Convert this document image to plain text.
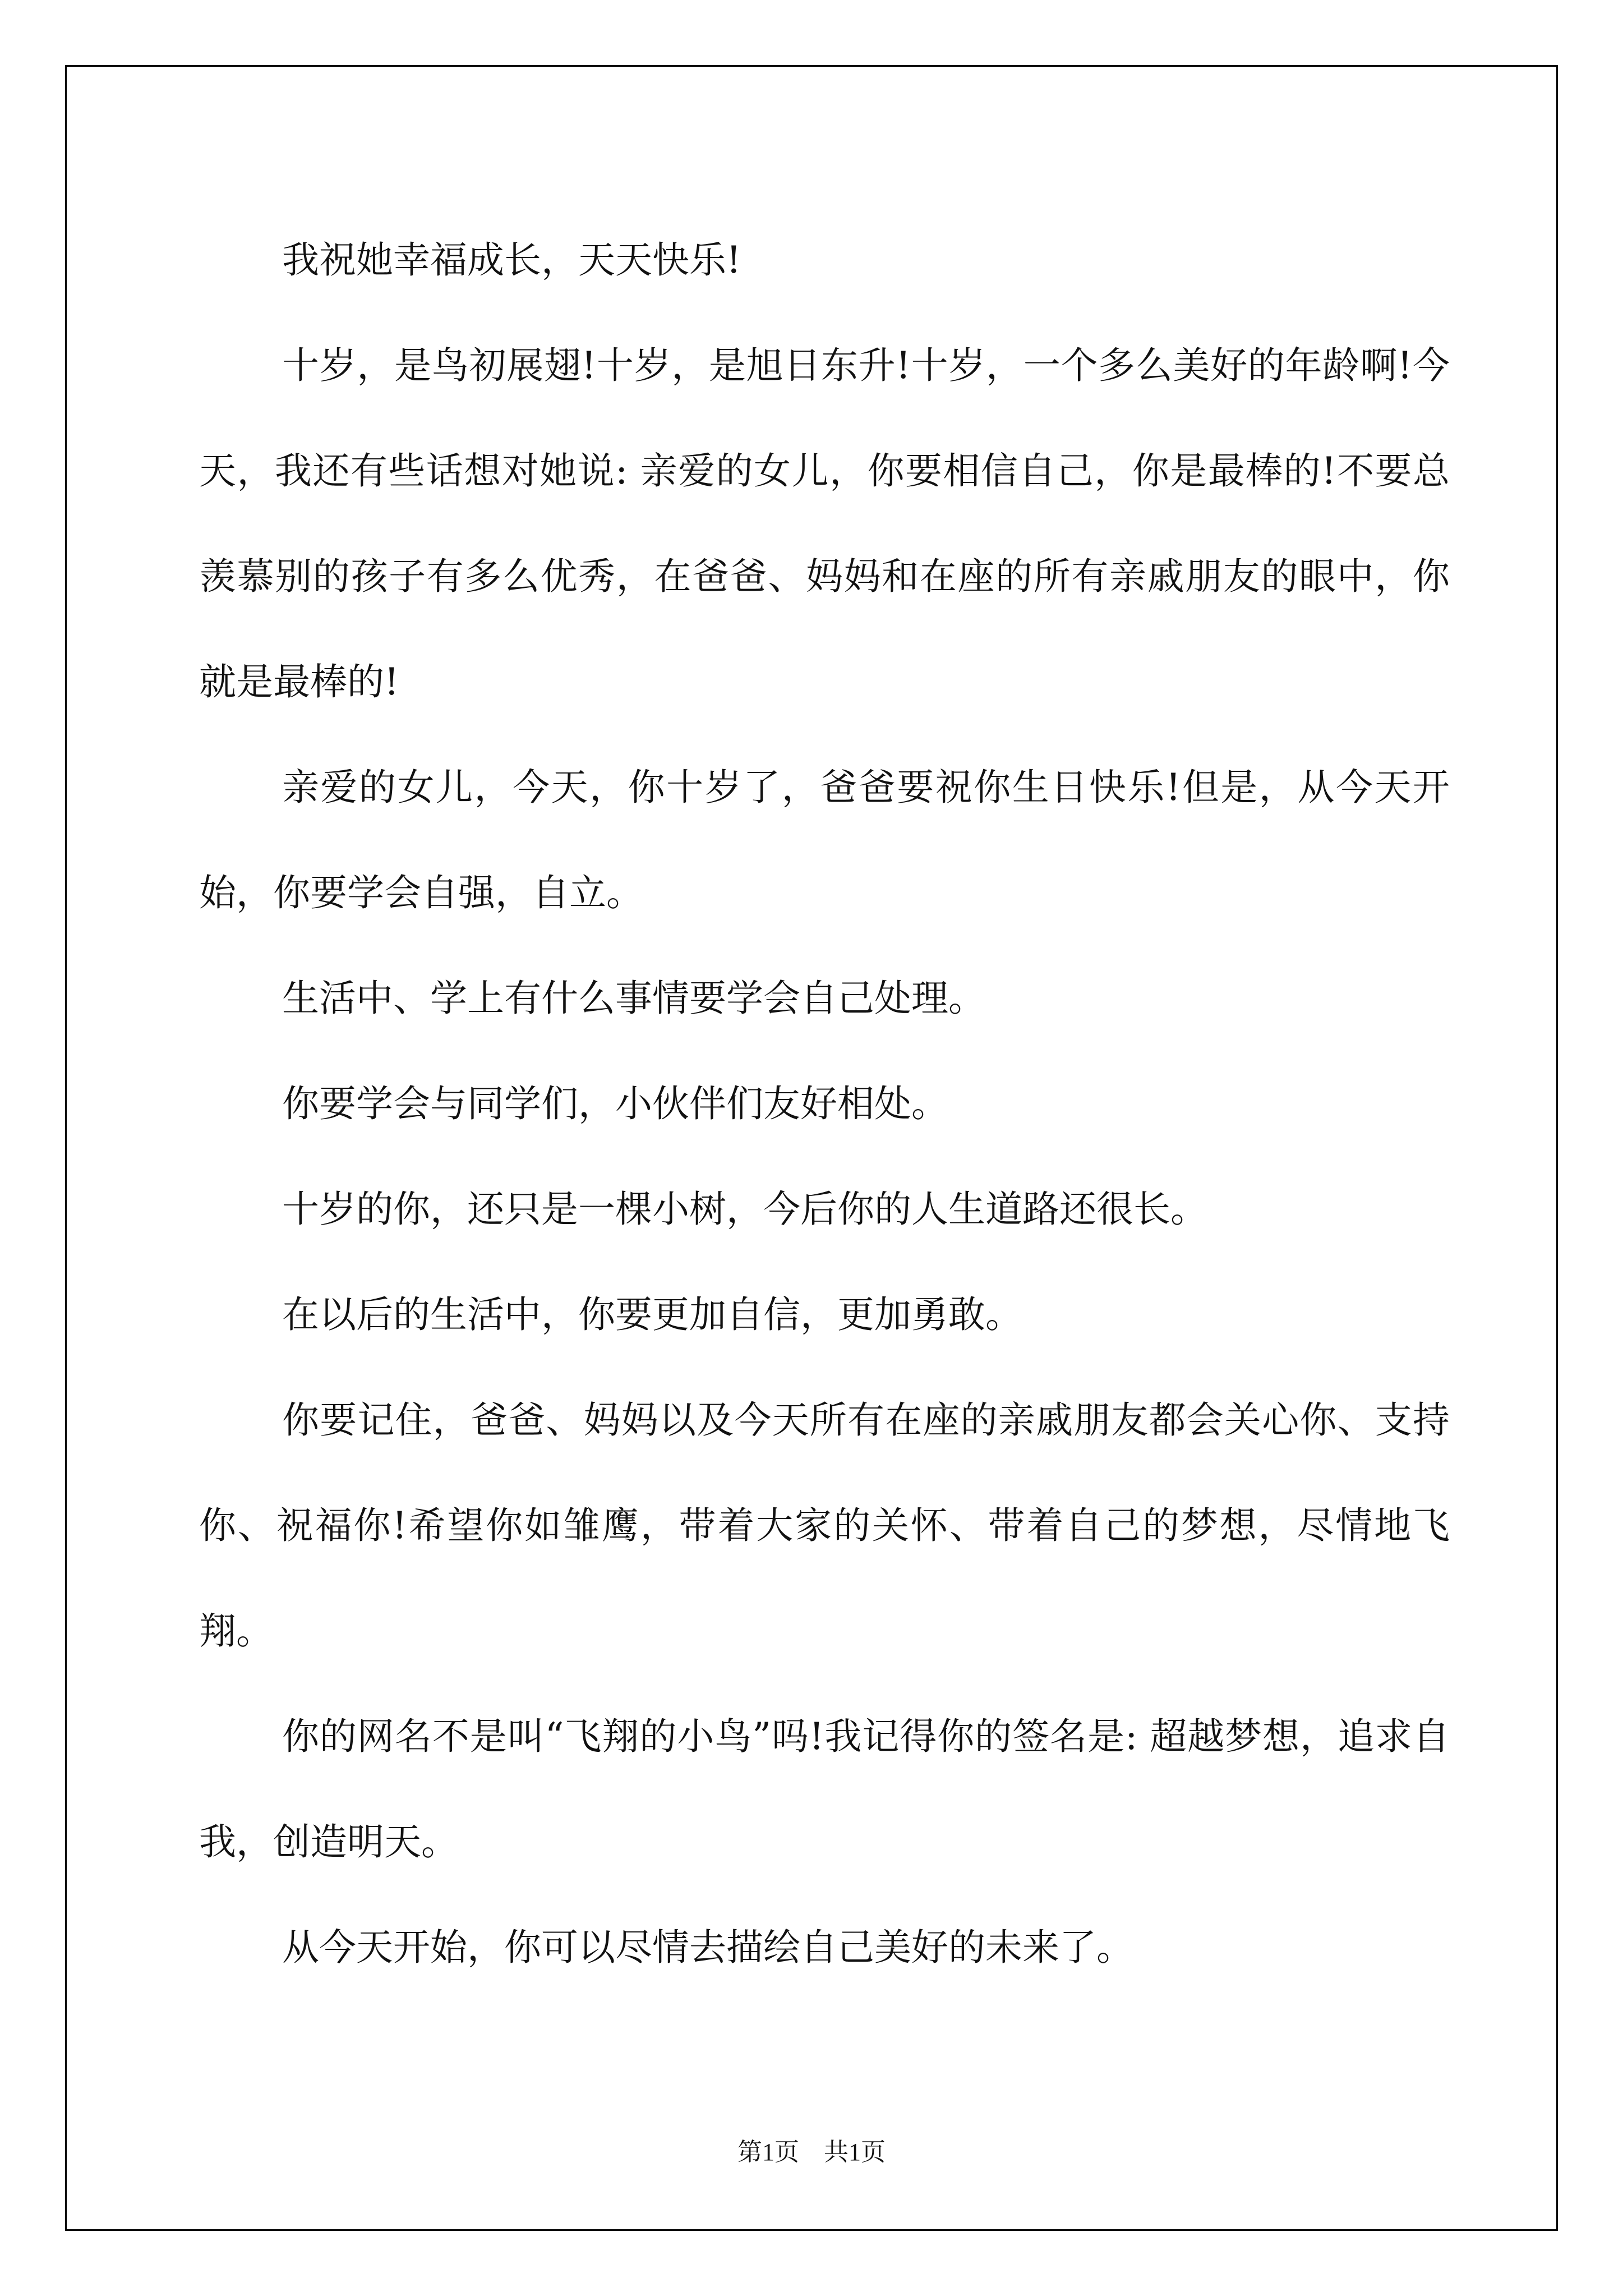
我祝她幸福成长，天天快乐!

十岁，是鸟初展翅!十岁，是旭日东升!十岁，一个多么美好的年龄啊!今天，我还有些话想对她说: 亲爱的女儿，你要相信自己，你是最棒的!不要总羡慕别的孩子有多么优秀，在爸爸、妈妈和在座的所有亲戚朋友的眼中，你就是最棒的!

亲爱的女儿，今天，你十岁了，爸爸要祝你生日快乐!但是，从今天开始，你要学会自强，自立。

生活中、学上有什么事情要学会自己处理。

你要学会与同学们，小伙伴们友好相处。

十岁的你，还只是一棵小树，今后你的人生道路还很长。

在以后的生活中，你要更加自信，更加勇敢。

你要记住，爸爸、妈妈以及今天所有在座的亲戚朋友都会关心你、支持你、祝福你!希望你如雏鹰，带着大家的关怀、带着自己的梦想，尽情地飞翔。

你的网名不是叫“飞翔的小鸟”吗!我记得你的签名是: 超越梦想，追求自我，创造明天。

从今天开始，你可以尽情去描绘自己美好的未来了。

第1页　共1页
